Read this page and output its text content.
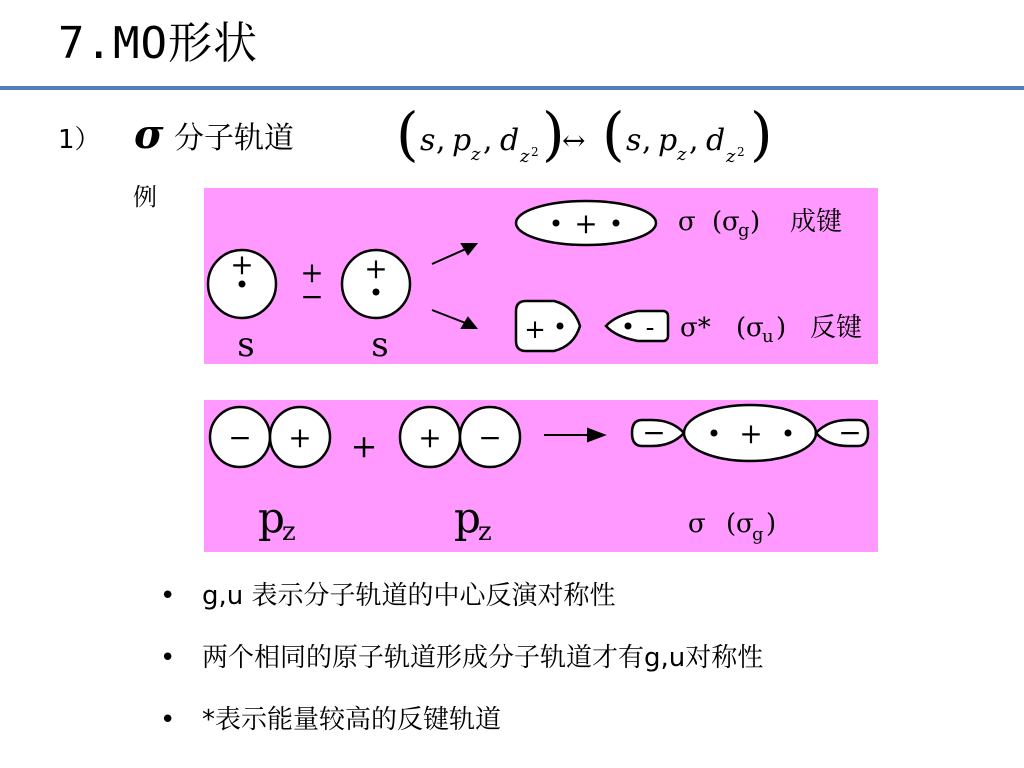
7.MO形状
1） σ 分子轨道 ( s , p z , d z 2 )
↔ ( s , p z , d z 2 )
例
+	+
+
−
s	s
+	σ ( σ
g ) 成键
+	- σ* ( σ
u ) 反键
− + + + −
p
z	p
z
−	+	−
σ ( σ
g )
•	g,u 表示分子轨道的中心反演对称性
•	两个相同的原子轨道形成分子轨道才有g,u对称性
•	*表示能量较高的反键轨道
